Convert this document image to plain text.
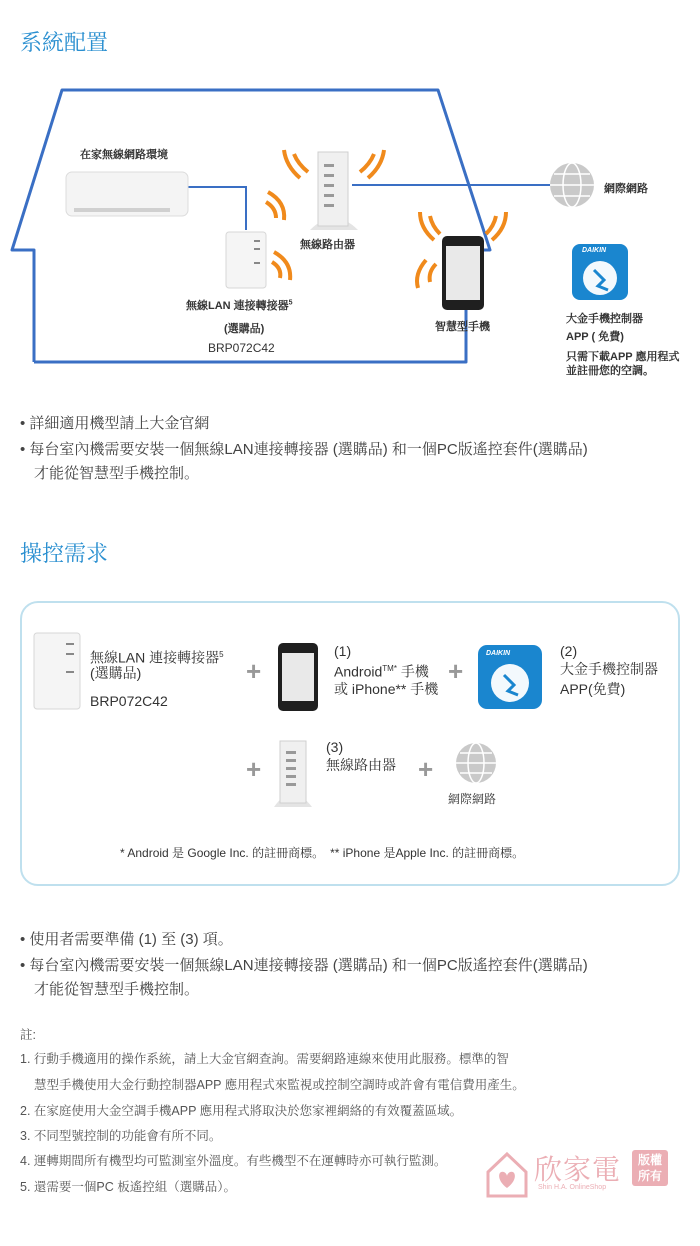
系統配置
在家無線網路環境
無線路由器
網際網路
DAIKIN
無線LAN 連接轉接器$^5$
(選購品)
BRP072C42
智慧型手機
大金手機控制器
APP ( 免費)
只需下載APP 應用程式
並註冊您的空調。
• 詳細適用機型請上大金官網
• 每台室內機需要安裝一個無線LAN連接轉接器 (選購品) 和一個PC版遙控套件(選購品)
才能從智慧型手機控制。
操控需求
DAIKIN
無線LAN 連接轉接器$^5$
(選購品)
BRP072C42
+
(1)
Android$^{TM*}$ 手機
或 iPhone** 手機
+
(2)
大金手機控制器
APP(免費)
+
(3)
無線路由器 +
網際網路
* Android 是 Google Inc. 的註冊商標。　** iPhone 是Apple Inc. 的註冊商標。
• 使用者需要準備 (1) 至 (3) 項。
• 每台室內機需要安裝一個無線LAN連接轉接器 (選購品) 和一個PC版遙控套件(選購品)
才能從智慧型手機控制。
註:
1. 行動手機適用的操作系統，請上大金官網查詢。需要網路連線來使用此服務。標準的智
慧型手機使用大金行動控制器APP 應用程式來監視或控制空調時或許會有電信費用產生。
2. 在家庭使用大金空調手機APP 應用程式將取決於您家裡網絡的有效覆蓋區域。
3. 不同型號控制的功能會有所不同。
4. 運轉期間所有機型均可監測室外溫度。有些機型不在運轉時亦可執行監測。
5. 還需要一個PC 板遙控組（選購品）。
欣家電
Shin H.A. OnlineShop
版權
所有
